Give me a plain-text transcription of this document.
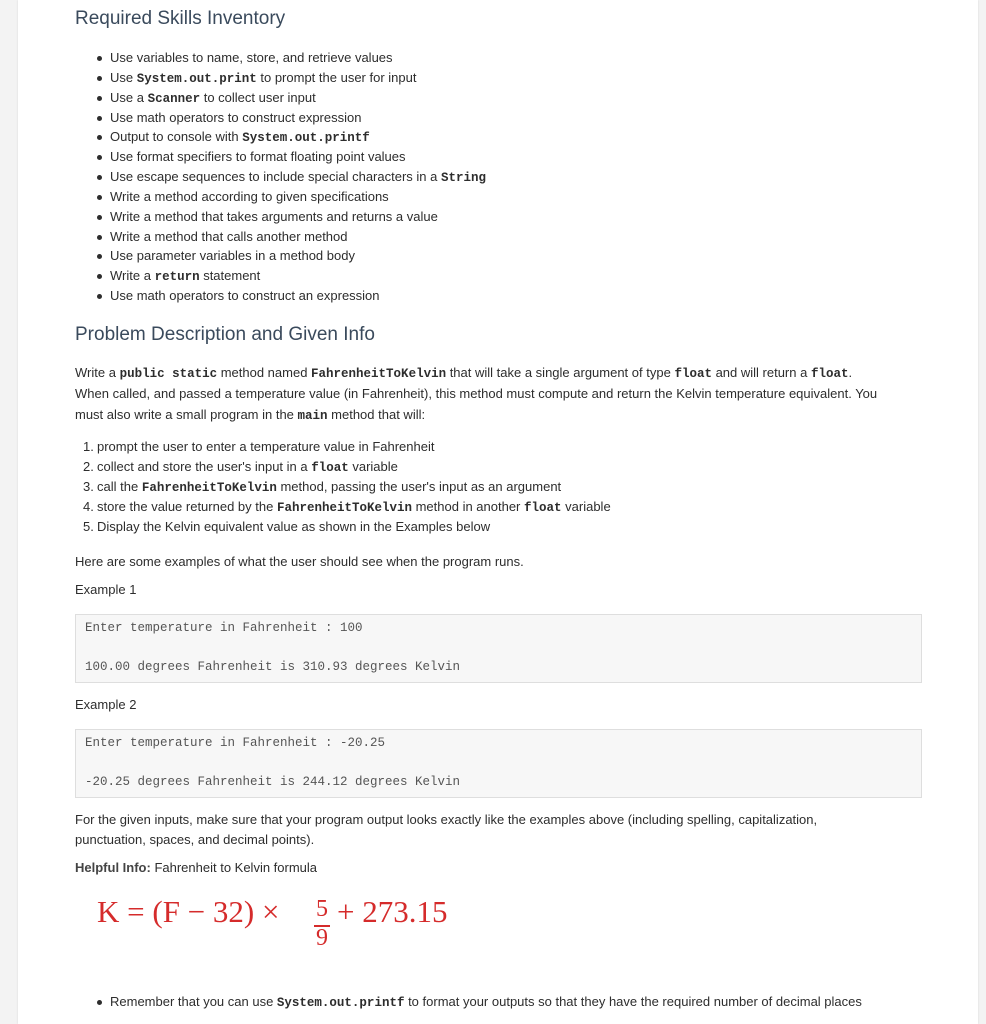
Required Skills Inventory
Use variables to name, store, and retrieve values
Use System.out.print to prompt the user for input
Use a Scanner to collect user input
Use math operators to construct expression
Output to console with System.out.printf
Use format specifiers to format floating point values
Use escape sequences to include special characters in a String
Write a method according to given specifications
Write a method that takes arguments and returns a value
Write a method that calls another method
Use parameter variables in a method body
Write a return statement
Use math operators to construct an expression
Problem Description and Given Info
Write a public static method named FahrenheitToKelvin that will take a single argument of type float and will return a float.
When called, and passed a temperature value (in Fahrenheit), this method must compute and return the Kelvin temperature equivalent. You
must also write a small program in the main method that will:
1. prompt the user to enter a temperature value in Fahrenheit
2. collect and store the user's input in a float variable
3. call the FahrenheitToKelvin method, passing the user's input as an argument
4. store the value returned by the FahrenheitToKelvin method in another float variable
5. Display the Kelvin equivalent value as shown in the Examples below
Here are some examples of what the user should see when the program runs.
Example 1

Enter temperature in Fahrenheit : 100

100.00 degrees Fahrenheit is 310.93 degrees Kelvin

Example 2

Enter temperature in Fahrenheit : -20.25

-20.25 degrees Fahrenheit is 244.12 degrees Kelvin

For the given inputs, make sure that your program output looks exactly like the examples above (including spelling, capitalization,
punctuation, spaces, and decimal points).
Helpful Info: Fahrenheit to Kelvin formula
Remember that you can use System.out.printf to format your outputs so that they have the required number of decimal places
K = (F − 32) × 5
9
+ 273.15
